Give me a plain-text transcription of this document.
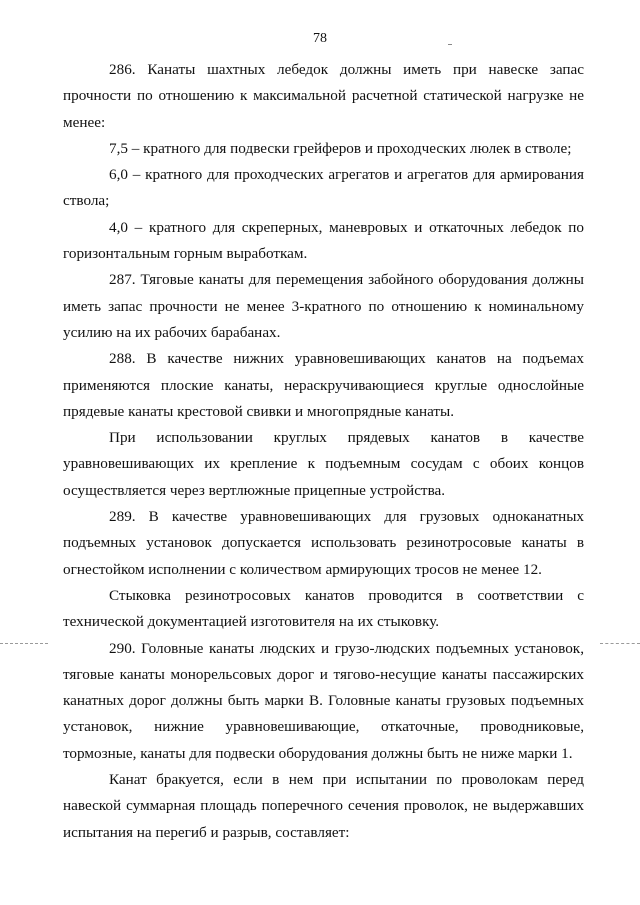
78

286. Канаты шахтных лебедок должны иметь при навеске запас прочности по отношению к максимальной расчетной статической нагрузке не менее:

7,5 – кратного для подвески грейферов и проходческих люлек в стволе;

6,0 – кратного для проходческих агрегатов и агрегатов для армирования ствола;

4,0 – кратного для скреперных, маневровых и откаточных лебедок по горизонтальным горным выработкам.

287. Тяговые канаты для перемещения забойного оборудования должны иметь запас прочности не менее 3-кратного по отношению к номинальному усилию на их рабочих барабанах.

288. В качестве нижних уравновешивающих канатов на подъемах применяются плоские канаты, нераскручивающиеся круглые однослойные прядевые канаты крестовой свивки и многопрядные канаты.

При использовании круглых прядевых канатов в качестве уравновешивающих их крепление к подъемным сосудам с обоих концов осуществляется через вертлюжные прицепные устройства.

289. В качестве уравновешивающих для грузовых одноканатных подъемных установок допускается использовать резинотросовые канаты в огнестойком исполнении с количеством армирующих тросов не менее 12.

Стыковка резинотросовых канатов проводится в соответствии с технической документацией изготовителя на их стыковку.

290. Головные канаты людских и грузо-людских подъемных установок, тяговые канаты монорельсовых дорог и тягово-несущие канаты пассажирских канатных дорог должны быть марки В. Головные канаты грузовых подъемных установок, нижние уравновешивающие, откаточные, проводниковые, тормозные, канаты для подвески оборудования должны быть не ниже марки 1.

Канат бракуется, если в нем при испытании по проволокам перед навеской суммарная площадь поперечного сечения проволок, не выдержавших испытания на перегиб и разрыв, составляет:
